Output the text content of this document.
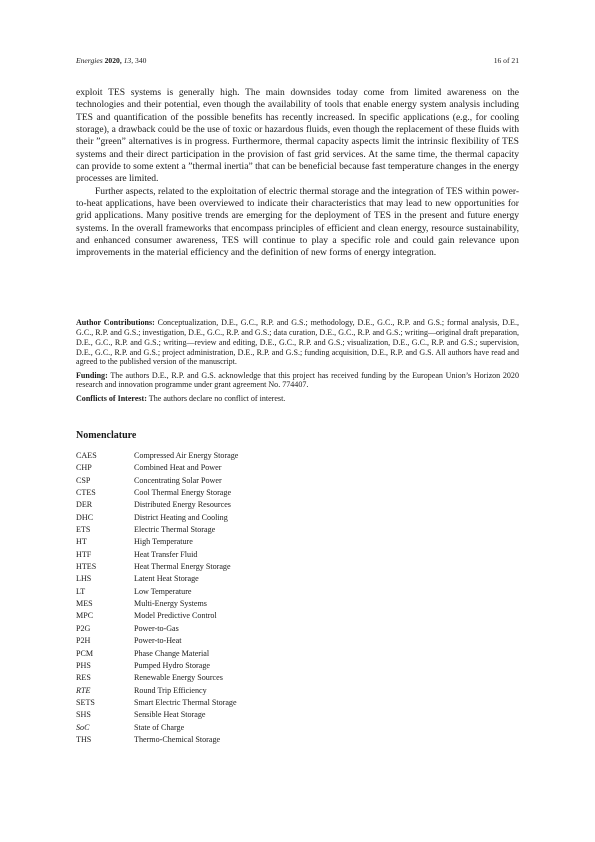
Energies 2020, 13, 340	16 of 21

exploit TES systems is generally high. The main downsides today come from limited awareness on the technologies and their potential, even though the availability of tools that enable energy system analysis including TES and quantification of the possible benefits has recently increased. In specific applications (e.g., for cooling storage), a drawback could be the use of toxic or hazardous fluids, even though the replacement of these fluids with their ”green” alternatives is in progress. Furthermore, thermal capacity aspects limit the intrinsic flexibility of TES systems and their direct participation in the provision of fast grid services. At the same time, the thermal capacity can provide to some extent a ”thermal inertia” that can be beneficial because fast temperature changes in the energy processes are limited.

Further aspects, related to the exploitation of electric thermal storage and the integration of TES within power-to-heat applications, have been overviewed to indicate their characteristics that may lead to new opportunities for grid applications. Many positive trends are emerging for the deployment of TES in the present and future energy systems. In the overall frameworks that encompass principles of efficient and clean energy, resource sustainability, and enhanced consumer awareness, TES will continue to play a specific role and could gain relevance upon improvements in the material efficiency and the definition of new forms of energy integration.

Author Contributions: Conceptualization, D.E., G.C., R.P. and G.S.; methodology, D.E., G.C., R.P. and G.S.; formal analysis, D.E., G.C., R.P. and G.S.; investigation, D.E., G.C., R.P. and G.S.; data curation, D.E., G.C., R.P. and G.S.; writing—original draft preparation, D.E., G.C., R.P. and G.S.; writing—review and editing, D.E., G.C., R.P. and G.S.; visualization, D.E., G.C., R.P. and G.S.; supervision, D.E., G.C., R.P. and G.S.; project administration, D.E., R.P. and G.S.; funding acquisition, D.E., R.P. and G.S. All authors have read and agreed to the published version of the manuscript.

Funding: The authors D.E., R.P. and G.S. acknowledge that this project has received funding by the European Union’s Horizon 2020 research and innovation programme under grant agreement No. 774407.

Conflicts of Interest: The authors declare no conflict of interest.

Nomenclature
CAES	Compressed Air Energy Storage
CHP	Combined Heat and Power
CSP	Concentrating Solar Power
CTES	Cool Thermal Energy Storage
DER	Distributed Energy Resources
DHC	District Heating and Cooling
ETS	Electric Thermal Storage
HT	High Temperature
HTF	Heat Transfer Fluid
HTES	Heat Thermal Energy Storage
LHS	Latent Heat Storage
LT	Low Temperature
MES	Multi-Energy Systems
MPC	Model Predictive Control
P2G	Power-to-Gas
P2H	Power-to-Heat
PCM	Phase Change Material
PHS	Pumped Hydro Storage
RES	Renewable Energy Sources
RTE	Round Trip Efficiency
SETS	Smart Electric Thermal Storage
SHS	Sensible Heat Storage
SoC	State of Charge
THS	Thermo-Chemical Storage
